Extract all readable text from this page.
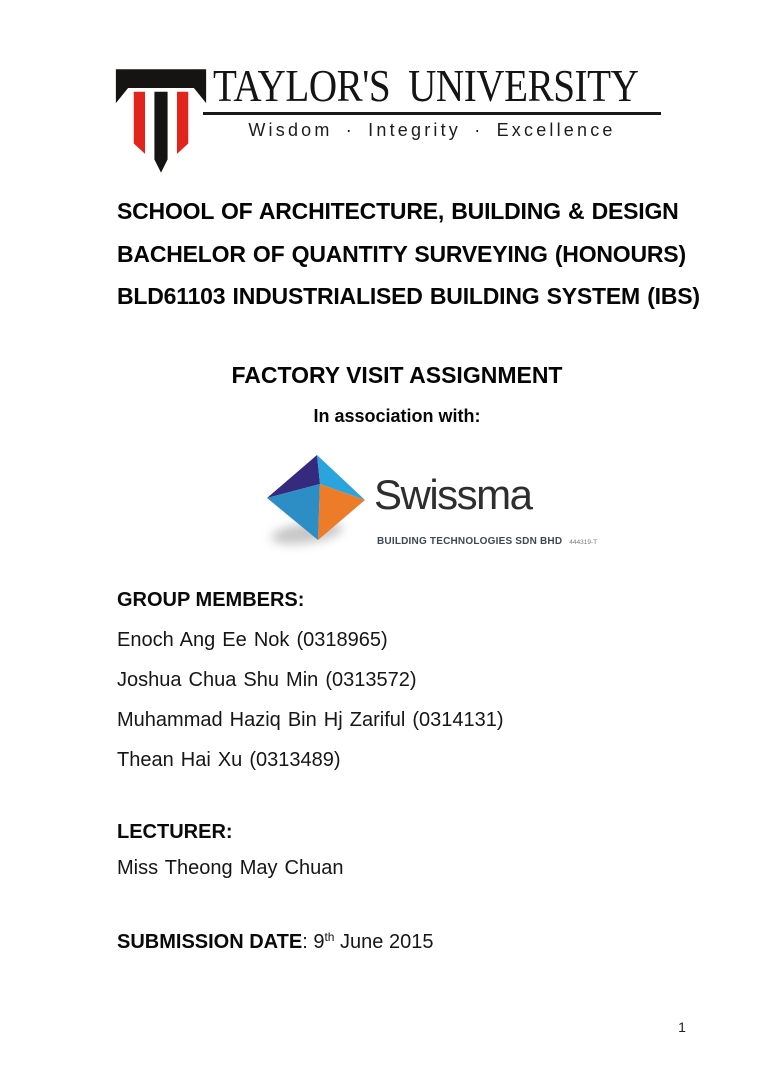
TAYLOR'S UNIVERSITY
Wisdom · Integrity · Excellence
SCHOOL OF ARCHITECTURE, BUILDING & DESIGN
BACHELOR OF QUANTITY SURVEYING (HONOURS)
BLD61103 INDUSTRIALISED BUILDING SYSTEM (IBS)
FACTORY VISIT ASSIGNMENT
In association with:
Swissma
BUILDING TECHNOLOGIES SDN BHD 444319-T
GROUP MEMBERS:
Enoch Ang Ee Nok (0318965)
Joshua Chua Shu Min (0313572)
Muhammad Haziq Bin Hj Zariful (0314131)
Thean Hai Xu (0313489)
LECTURER:
Miss Theong May Chuan
SUBMISSION DATE: 9th June 2015
1
